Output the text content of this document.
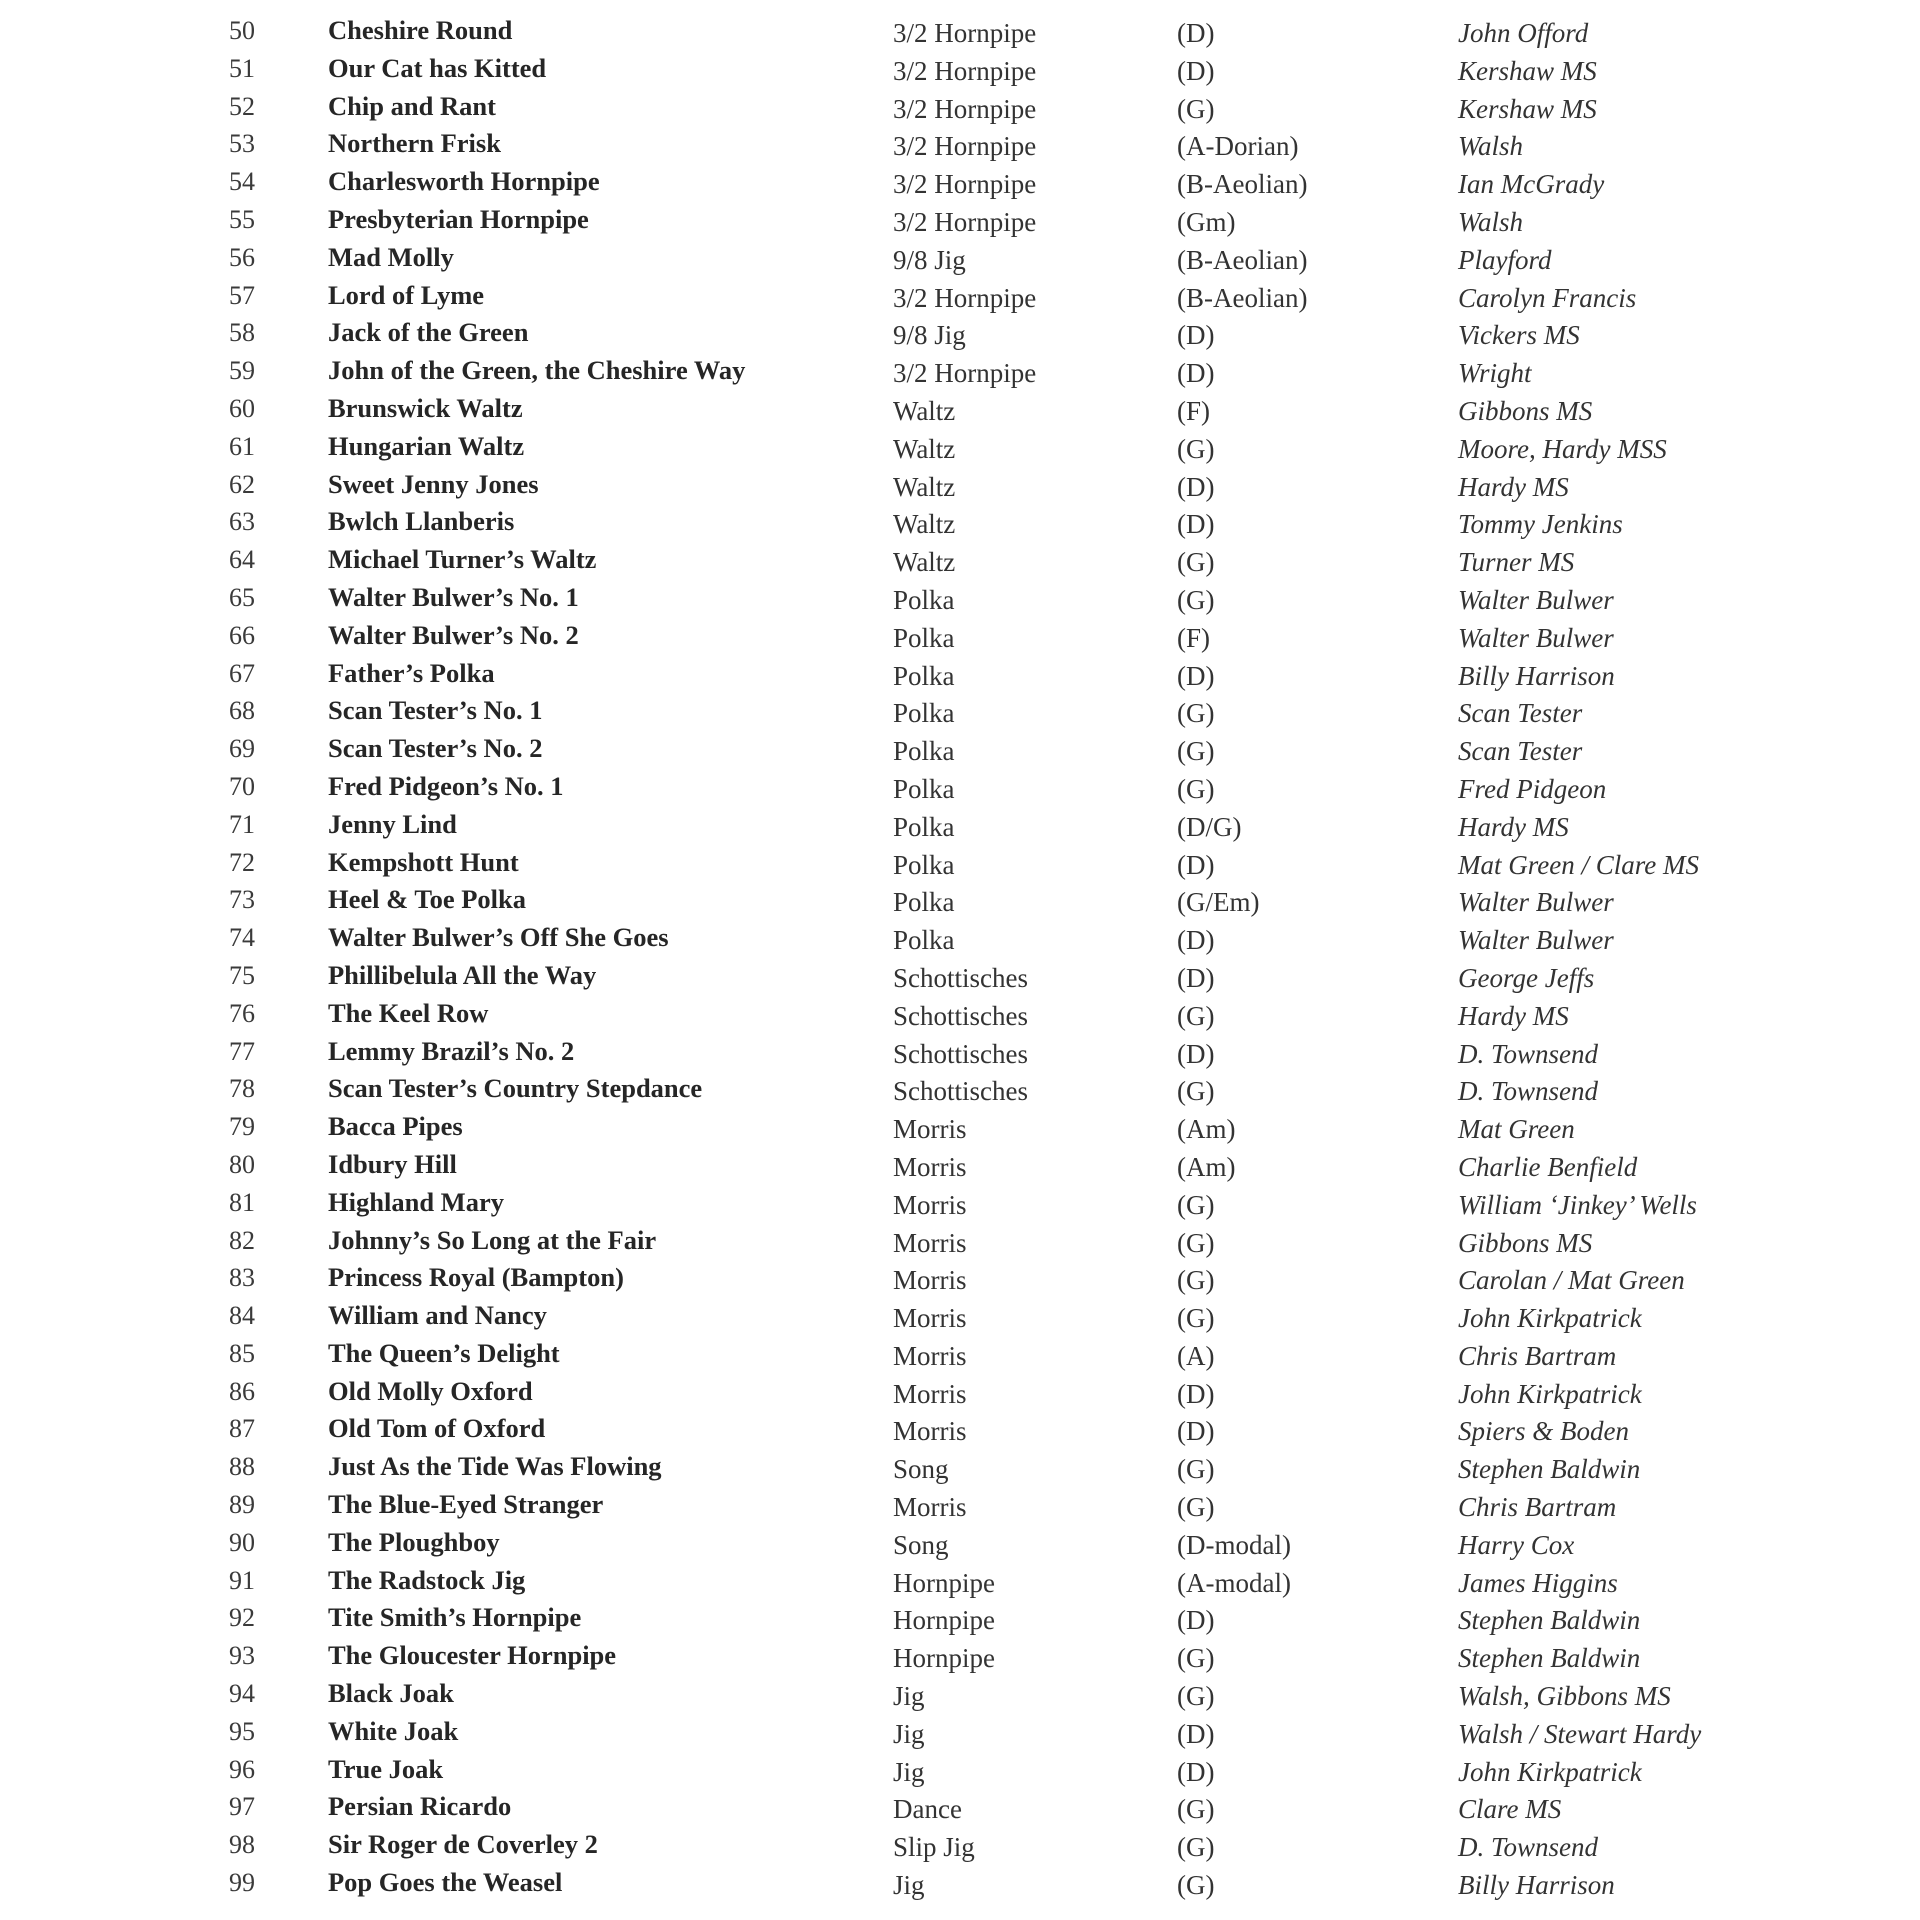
50	Cheshire Round	3/2 Hornpipe	(D)	John Offord
51	Our Cat has Kitted	3/2 Hornpipe	(D)	Kershaw MS
52	Chip and Rant	3/2 Hornpipe	(G)	Kershaw MS
53	Northern Frisk	3/2 Hornpipe	(A-Dorian)	Walsh
54	Charlesworth Hornpipe	3/2 Hornpipe	(B-Aeolian)	Ian McGrady
55	Presbyterian Hornpipe	3/2 Hornpipe	(Gm)	Walsh
56	Mad Molly	9/8 Jig	(B-Aeolian)	Playford
57	Lord of Lyme	3/2 Hornpipe	(B-Aeolian)	Carolyn Francis
58	Jack of the Green	9/8 Jig	(D)	Vickers MS
59	John of the Green, the Cheshire Way	3/2 Hornpipe	(D)	Wright
60	Brunswick Waltz	Waltz	(F)	Gibbons MS
61	Hungarian Waltz	Waltz	(G)	Moore, Hardy MSS
62	Sweet Jenny Jones	Waltz	(D)	Hardy MS
63	Bwlch Llanberis	Waltz	(D)	Tommy Jenkins
64	Michael Turner’s Waltz	Waltz	(G)	Turner MS
65	Walter Bulwer’s No. 1	Polka	(G)	Walter Bulwer
66	Walter Bulwer’s No. 2	Polka	(F)	Walter Bulwer
67	Father’s Polka	Polka	(D)	Billy Harrison
68	Scan Tester’s No. 1	Polka	(G)	Scan Tester
69	Scan Tester’s No. 2	Polka	(G)	Scan Tester
70	Fred Pidgeon’s No. 1	Polka	(G)	Fred Pidgeon
71	Jenny Lind	Polka	(D/G)	Hardy MS
72	Kempshott Hunt	Polka	(D)	Mat Green / Clare MS
73	Heel & Toe Polka	Polka	(G/Em)	Walter Bulwer
74	Walter Bulwer’s Off She Goes	Polka	(D)	Walter Bulwer
75	Phillibelula All the Way	Schottisches	(D)	George Jeffs
76	The Keel Row	Schottisches	(G)	Hardy MS
77	Lemmy Brazil’s No. 2	Schottisches	(D)	D. Townsend
78	Scan Tester’s Country Stepdance	Schottisches	(G)	D. Townsend
79	Bacca Pipes	Morris	(Am)	Mat Green
80	Idbury Hill	Morris	(Am)	Charlie Benfield
81	Highland Mary	Morris	(G)	William ‘Jinkey’ Wells
82	Johnny’s So Long at the Fair	Morris	(G)	Gibbons MS
83	Princess Royal (Bampton)	Morris	(G)	Carolan / Mat Green
84	William and Nancy	Morris	(G)	John Kirkpatrick
85	The Queen’s Delight	Morris	(A)	Chris Bartram
86	Old Molly Oxford	Morris	(D)	John Kirkpatrick
87	Old Tom of Oxford	Morris	(D)	Spiers & Boden
88	Just As the Tide Was Flowing	Song	(G)	Stephen Baldwin
89	The Blue-Eyed Stranger	Morris	(G)	Chris Bartram
90	The Ploughboy	Song	(D-modal)	Harry Cox
91	The Radstock Jig	Hornpipe	(A-modal)	James Higgins
92	Tite Smith’s Hornpipe	Hornpipe	(D)	Stephen Baldwin
93	The Gloucester Hornpipe	Hornpipe	(G)	Stephen Baldwin
94	Black Joak	Jig	(G)	Walsh, Gibbons MS
95	White Joak	Jig	(D)	Walsh / Stewart Hardy
96	True Joak	Jig	(D)	John Kirkpatrick
97	Persian Ricardo	Dance	(G)	Clare MS
98	Sir Roger de Coverley 2	Slip Jig	(G)	D. Townsend
99	Pop Goes the Weasel	Jig	(G)	Billy Harrison
